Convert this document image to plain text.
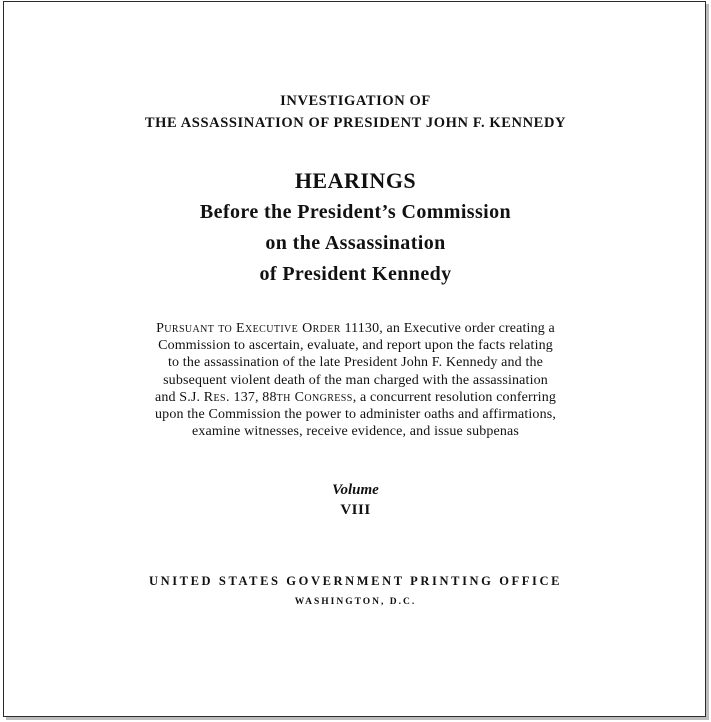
INVESTIGATION OF
THE ASSASSINATION OF PRESIDENT JOHN F. KENNEDY
HEARINGS
Before the President’s Commission
on the Assassination
of President Kennedy
Pursuant to Executive Order 11130, an Executive order creating a
Commission to ascertain, evaluate, and report upon the facts relating
to the assassination of the late President John F. Kennedy and the
subsequent violent death of the man charged with the assassination
and S.J. Res. 137, 88th Congress, a concurrent resolution conferring
upon the Commission the power to administer oaths and affirmations,
examine witnesses, receive evidence, and issue subpenas
Volume
VIII
UNITED STATES GOVERNMENT PRINTING OFFICE
WASHINGTON, D.C.
